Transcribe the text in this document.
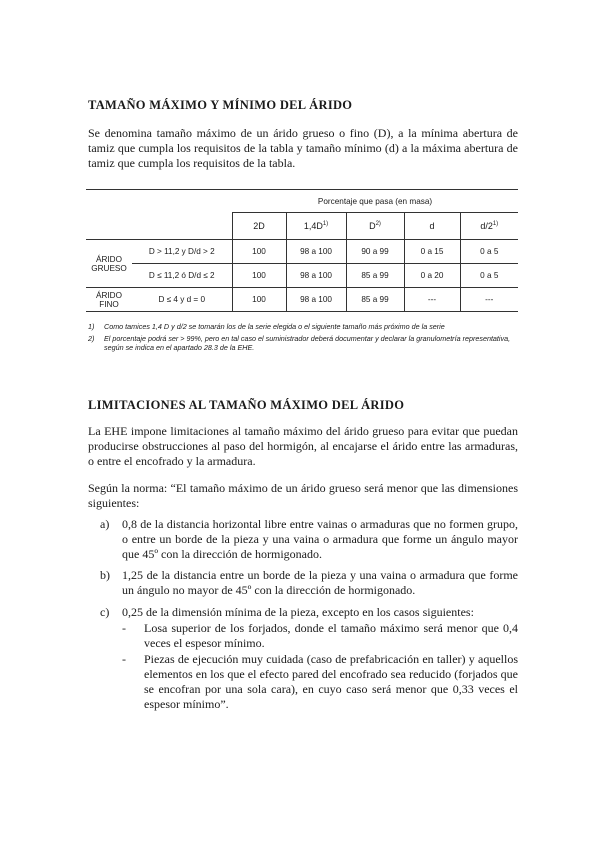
TAMAÑO MÁXIMO Y MÍNIMO DEL ÁRIDO
Se denomina tamaño máximo de un árido grueso o fino (D), a la mínima abertura de tamiz que cumpla los requisitos de la tabla y tamaño mínimo (d) a la máxima abertura de tamiz que cumpla los requisitos de la tabla.
		Porcentaje que pasa (en masa)				
		2D	$1,4D^{1)}$	$D^{2)}$	d	d/2$^{1)}$

ÁRIDO
GRUESO	D > 11,2 y D/d > 2	100	98 a 100	90 a 99	0 a 15	0 a 5
	D ≤ 11,2 ó D/d ≤ 2	100	98 a 100	85 a 99	0 a 20	0 a 5

ÁRIDO
FINO	D ≤ 4 y d = 0	100	98 a 100	85 a 99	---	---
1)	Como tamices 1,4 D y d/2 se tomarán los de la serie elegida o el siguiente tamaño más próximo de la serie
2)	El porcentaje podrá ser > 99%, pero en tal caso el suministrador deberá documentar y declarar la granulometría representativa, según se indica en el apartado 28.3 de la EHE.
LIMITACIONES AL TAMAÑO MÁXIMO DEL ÁRIDO
La EHE impone limitaciones al tamaño máximo del árido grueso para evitar que puedan producirse obstrucciones al paso del hormigón, al encajarse el árido entre las armaduras, o entre el encofrado y la armadura.
Según la norma: “El tamaño máximo de un árido grueso será menor que las dimensiones siguientes:
a)	0,8 de la distancia horizontal libre entre vainas o armaduras que no formen grupo, o entre un borde de la pieza y una vaina o armadura que forme un ángulo mayor que 45º con la dirección de hormigonado.
b)	1,25 de la distancia entre un borde de la pieza y una vaina o armadura que forme un ángulo no mayor de 45º con la dirección de hormigonado.
c)	0,25 de la dimensión mínima de la pieza, excepto en los casos siguientes:
-	Losa superior de los forjados, donde el tamaño máximo será menor que 0,4 veces el espesor mínimo.
-	Piezas de ejecución muy cuidada (caso de prefabricación en taller) y aquellos elementos en los que el efecto pared del encofrado sea reducido (forjados que se encofran por una sola cara), en cuyo caso será menor que 0,33 veces el espesor mínimo”.
